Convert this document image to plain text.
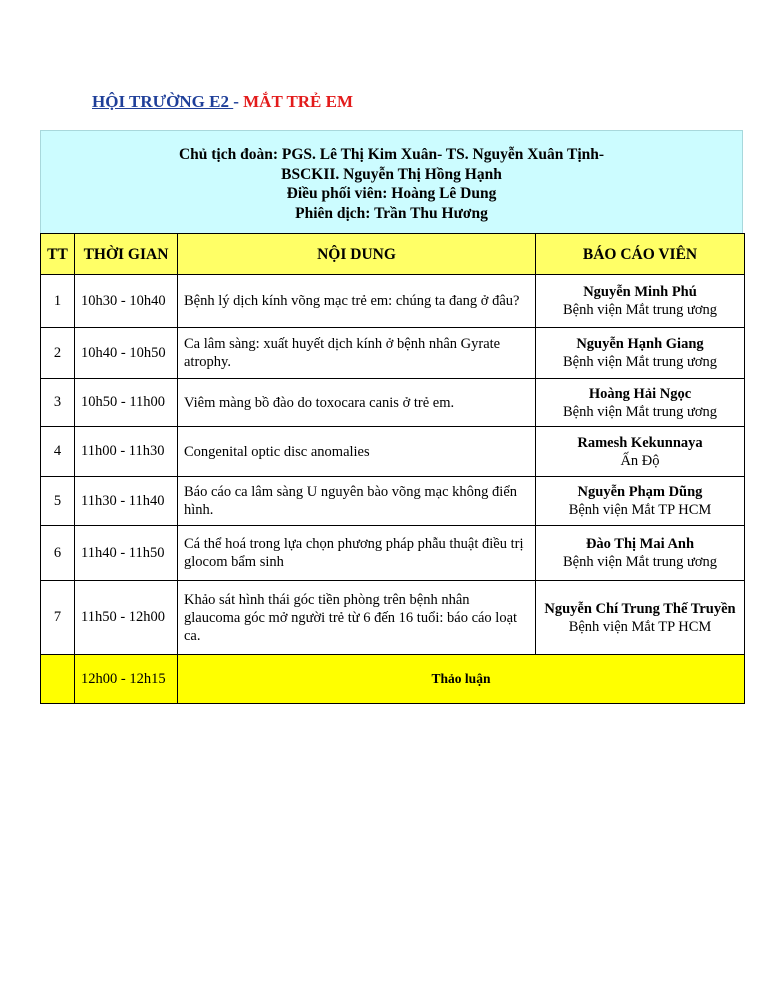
HỘI TRƯỜNG E2 - MẮT TRẺ EM
Chủ tịch đoàn: PGS. Lê Thị Kim Xuân- TS. Nguyễn Xuân Tịnh-
BSCKII. Nguyễn Thị Hồng Hạnh
Điều phối viên: Hoàng Lê Dung
Phiên dịch: Trần Thu Hương
TT	THỜI GIAN	NỘI DUNG	BÁO CÁO VIÊN
1	10h30 - 10h40	Bệnh lý dịch kính võng mạc trẻ em: chúng ta đang ở đâu?	Nguyễn Minh Phú
Bệnh viện Mắt trung ương

2	10h40 - 10h50	Ca lâm sàng: xuất huyết dịch kính ở bệnh nhân Gyrate atrophy.	Nguyễn Hạnh Giang
Bệnh viện Mắt trung ương

3	10h50 - 11h00	Viêm màng bồ đào do toxocara canis ở trẻ em.	Hoàng Hải Ngọc
Bệnh viện Mắt trung ương

4	11h00 - 11h30	Congenital optic disc anomalies	Ramesh Kekunnaya
Ấn Độ

5	11h30 - 11h40	Báo cáo ca lâm sàng U nguyên bào võng mạc không điển hình.	Nguyễn Phạm Dũng
Bệnh viện Mắt TP HCM

6	11h40 - 11h50	Cá thể hoá trong lựa chọn phương pháp phẫu thuật điều trị glocom bẩm sinh	Đào Thị Mai Anh
Bệnh viện Mắt trung ương

7	11h50 - 12h00	Khảo sát hình thái góc tiền phòng trên bệnh nhân glaucoma góc mở người trẻ từ 6 đến 16 tuổi: báo cáo loạt ca.	Nguyễn Chí Trung Thế Truyền
Bệnh viện Mắt TP HCM

	12h00 - 12h15	Thảo luận	
